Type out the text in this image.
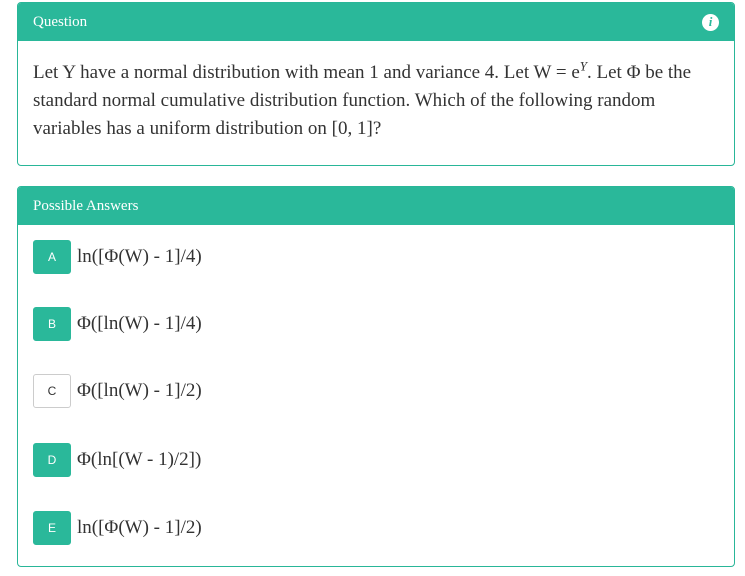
Question	i
Let Y have a normal distribution with mean 1 and variance 4. Let $W = e^Y$. Let Φ be the standard normal cumulative distribution function. Which of the following random variables has a uniform distribution on [0, 1]?
Possible Answers
A	ln([Φ(W) - 1]/4)
B	Φ([ln(W) - 1]/4)
C	Φ([ln(W) - 1]/2)
D	Φ(ln[(W - 1)/2])
E	ln([Φ(W) - 1]/2)
